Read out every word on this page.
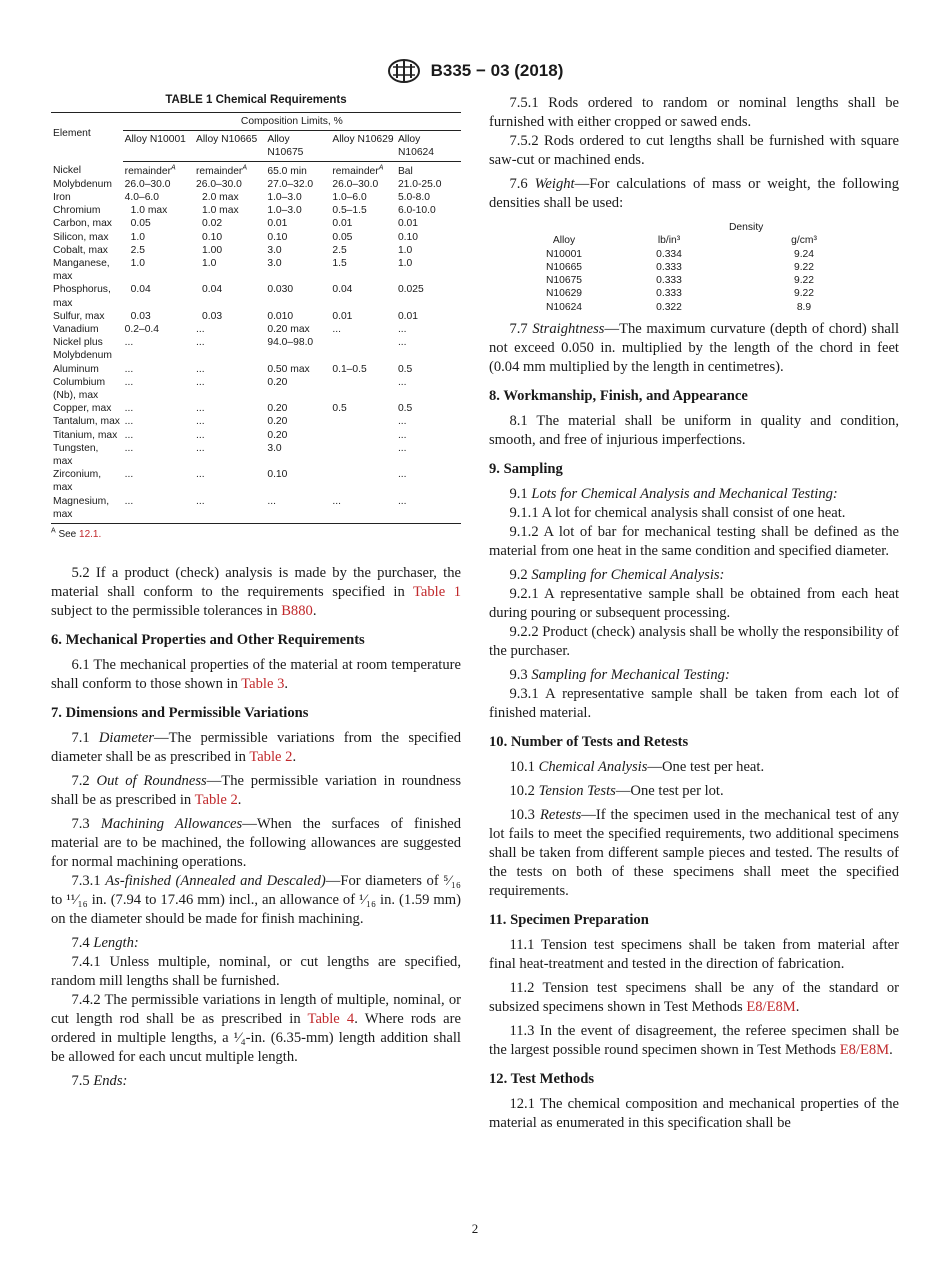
B335 − 03 (2018)
TABLE 1 Chemical Requirements
Element	Composition Limits, %				
	Alloy N10001	Alloy N10665	Alloy N10675	Alloy N10629	Alloy N10624
Nickel	remainder$^A$	remainder$^A$	65.0 min	remainder$^A$	Bal
Molybdenum	26.0–30.0	26.0–30.0	27.0–32.0	26.0–30.0	21.0-25.0
Iron	4.0–6.0	2.0 max	1.0–3.0	1.0–6.0	5.0-8.0
Chromium	1.0 max	1.0 max	1.0–3.0	0.5–1.5	6.0-10.0
Carbon, max	0.05	0.02	0.01	0.01	0.01
Silicon, max	1.0	0.10	0.10	0.05	0.10
Cobalt, max	2.5	1.00	3.0	2.5	1.0
Manganese, max	1.0	1.0	3.0	1.5	1.0
Phosphorus, max	0.04	0.04	0.030	0.04	0.025
Sulfur, max	0.03	0.03	0.010	0.01	0.01
Vanadium	0.2–0.4	...	0.20 max	...	...
Nickel plus Molybdenum	...	...	94.0–98.0		...
Aluminum	...	...	0.50 max	0.1–0.5	0.5
Columbium (Nb), max	...	...	0.20		...
Copper, max	...	...	0.20	0.5	0.5
Tantalum, max	...	...	0.20		...
Titanium, max	...	...	0.20		...
Tungsten, max	...	...	3.0		...
Zirconium, max	...	...	0.10		...
Magnesium, max	...	...	...	...	...
$^A$ See 12.1.

5.2 If a product (check) analysis is made by the purchaser, the material shall conform to the requirements specified in Table 1 subject to the permissible tolerances in B880.

6. Mechanical Properties and Other Requirements

6.1 The mechanical properties of the material at room temperature shall conform to those shown in Table 3.

7. Dimensions and Permissible Variations

7.1 Diameter—The permissible variations from the specified diameter shall be as prescribed in Table 2.

7.2 Out of Roundness—The permissible variation in roundness shall be as prescribed in Table 2.

7.3 Machining Allowances—When the surfaces of finished material are to be machined, the following allowances are suggested for normal machining operations.

7.3.1 As-finished (Annealed and Descaled)—For diameters of ⁵⁄₁₆ to ¹¹⁄₁₆ in. (7.94 to 17.46 mm) incl., an allowance of ¹⁄₁₆ in. (1.59 mm) on the diameter should be made for finish machining.

7.4 Length:

7.4.1 Unless multiple, nominal, or cut lengths are specified, random mill lengths shall be furnished.

7.4.2 The permissible variations in length of multiple, nominal, or cut length rod shall be as prescribed in Table 4. Where rods are ordered in multiple lengths, a ¹⁄₄-in. (6.35-mm) length addition shall be allowed for each uncut multiple length.

7.5 Ends:

7.5.1 Rods ordered to random or nominal lengths shall be furnished with either cropped or sawed ends.

7.5.2 Rods ordered to cut lengths shall be furnished with square saw-cut or machined ends.

7.6 Weight—For calculations of mass or weight, the following densities shall be used:

		Density
Alloy	lb/in³	g/cm³
N10001	0.334	9.24
N10665	0.333	9.22
N10675	0.333	9.22
N10629	0.333	9.22
N10624	0.322	8.9

7.7 Straightness—The maximum curvature (depth of chord) shall not exceed 0.050 in. multiplied by the length of the chord in feet (0.04 mm multiplied by the length in centimetres).

8. Workmanship, Finish, and Appearance

8.1 The material shall be uniform in quality and condition, smooth, and free of injurious imperfections.

9. Sampling

9.1 Lots for Chemical Analysis and Mechanical Testing:

9.1.1 A lot for chemical analysis shall consist of one heat.

9.1.2 A lot of bar for mechanical testing shall be defined as the material from one heat in the same condition and specified diameter.

9.2 Sampling for Chemical Analysis:

9.2.1 A representative sample shall be obtained from each heat during pouring or subsequent processing.

9.2.2 Product (check) analysis shall be wholly the responsibility of the purchaser.

9.3 Sampling for Mechanical Testing:

9.3.1 A representative sample shall be taken from each lot of finished material.

10. Number of Tests and Retests

10.1 Chemical Analysis—One test per heat.

10.2 Tension Tests—One test per lot.

10.3 Retests—If the specimen used in the mechanical test of any lot fails to meet the specified requirements, two additional specimens shall be taken from different sample pieces and tested. The results of the tests on both of these specimens shall meet the specified requirements.

11. Specimen Preparation

11.1 Tension test specimens shall be taken from material after final heat-treatment and tested in the direction of fabrication.

11.2 Tension test specimens shall be any of the standard or subsized specimens shown in Test Methods E8/E8M.

11.3 In the event of disagreement, the referee specimen shall be the largest possible round specimen shown in Test Methods E8/E8M.

12. Test Methods

12.1 The chemical composition and mechanical properties of the material as enumerated in this specification shall be

2
